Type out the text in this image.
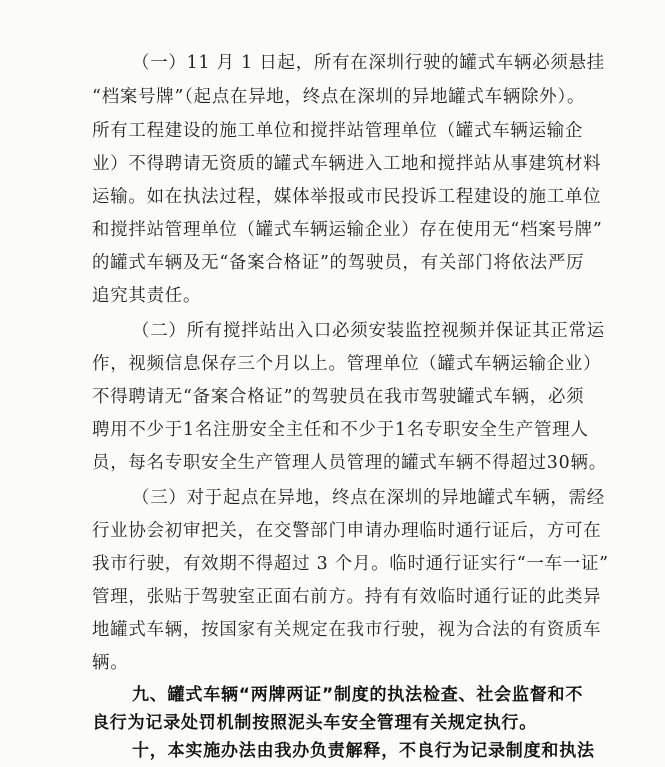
（一）11 月 1 日起，所有在深圳行驶的罐式车辆必须悬挂
“档案号牌”（起点在异地，终点在深圳的异地罐式车辆除外）。
所有工程建设的施工单位和搅拌站管理单位（罐式车辆运输企
业）不得聘请无资质的罐式车辆进入工地和搅拌站从事建筑材料
运输。如在执法过程，媒体举报或市民投诉工程建设的施工单位
和搅拌站管理单位（罐式车辆运输企业）存在使用无“档案号牌”
的罐式车辆及无“备案合格证”的驾驶员，有关部门将依法严厉
追究其责任。
（二）所有搅拌站出入口必须安装监控视频并保证其正常运
作，视频信息保存三个月以上。管理单位（罐式车辆运输企业）
不得聘请无“备案合格证”的驾驶员在我市驾驶罐式车辆，必须
聘用不少于1名注册安全主任和不少于1名专职安全生产管理人
员，每名专职安全生产管理人员管理的罐式车辆不得超过30辆。
（三）对于起点在异地，终点在深圳的异地罐式车辆，需经
行业协会初审把关，在交警部门申请办理临时通行证后，方可在
我市行驶，有效期不得超过 3 个月。临时通行证实行“一车一证”
管理，张贴于驾驶室正面右前方。持有有效临时通行证的此类异
地罐式车辆，按国家有关规定在我市行驶，视为合法的有资质车
辆。
九、罐式车辆“两牌两证”制度的执法检查、社会监督和不
良行为记录处罚机制按照泥头车安全管理有关规定执行。
十，本实施办法由我办负责解释，不良行为记录制度和执法
